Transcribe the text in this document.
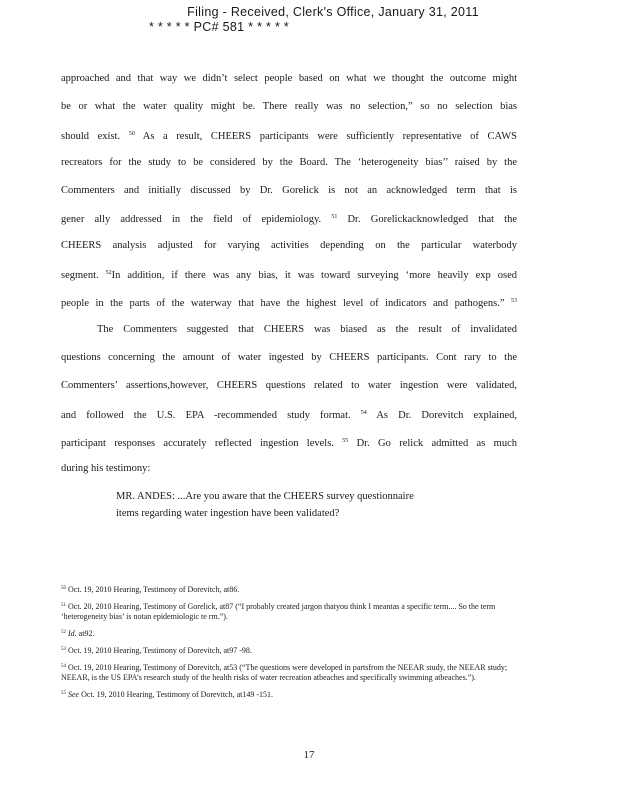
Filing - Received, Clerk's Office, January 31, 2011
* * * * * PC# 581 * * * * *
approached and that way we didn’t select people based on what we thought the outcome might
be or what the water quality might be. There really was no selection,” so no selection bias
should exist. $^{50}$ As a result, CHEERS participants were sufficiently representative of CAWS
recreators for the study to be considered by the Board. The ‘heterogeneity bias’’ raised by the
Commenters and initially discussed by Dr. Gorelick is not an acknowledged term that is
gener ally addressed in the field of epidemiology. $^{51}$ Dr. Gorelickacknowledged that the
CHEERS analysis adjusted for varying activities depending on the particular waterbody
segment. $^{52}$In addition, if there was any bias, it was toward surveying ‘more heavily exp osed
people in the parts of the waterway that have the highest level of indicators and pathogens.” $^{53}$
The Commenters suggested that CHEERS was biased as the result of invalidated
questions concerning the amount of water ingested by CHEERS participants. Cont rary to the
Commenters’ assertions,however, CHEERS questions related to water ingestion were validated,
and followed the U.S. EPA -recommended study format. $^{54}$ As Dr. Dorevitch explained,
participant responses accurately reflected ingestion levels. $^{55}$ Dr. Go relick admitted as much
during his testimony:
MR. ANDES: ...Are you aware that the CHEERS survey questionnaire
items regarding water ingestion have been validated?
$^{50}$ Oct. 19, 2010 Hearing, Testimony of Dorevitch, at86.
$^{51}$ Oct. 20, 2010 Hearing, Testimony of Gorelick, at87 (“I probably created jargon thatyou think I meantas a specific term.... So the term ‘heterogeneity bias’ is notan epidemiologic te rm.”).
$^{52}$ Id. at92.
$^{53}$ Oct. 19, 2010 Hearing, Testimony of Dorevitch, at97 -98.
$^{54}$ Oct. 19, 2010 Hearing, Testimony of Dorevitch, at53 (“The questions were developed in partsfrom the NEEAR study, the NEEAR study; NEEAR, is the US EPA’s research study of the health risks of water recreation atbeaches and specifically swimming atbeaches.”).
$^{55}$ See Oct. 19, 2010 Hearing, Testimony of Dorevitch, at149 -151.
17
